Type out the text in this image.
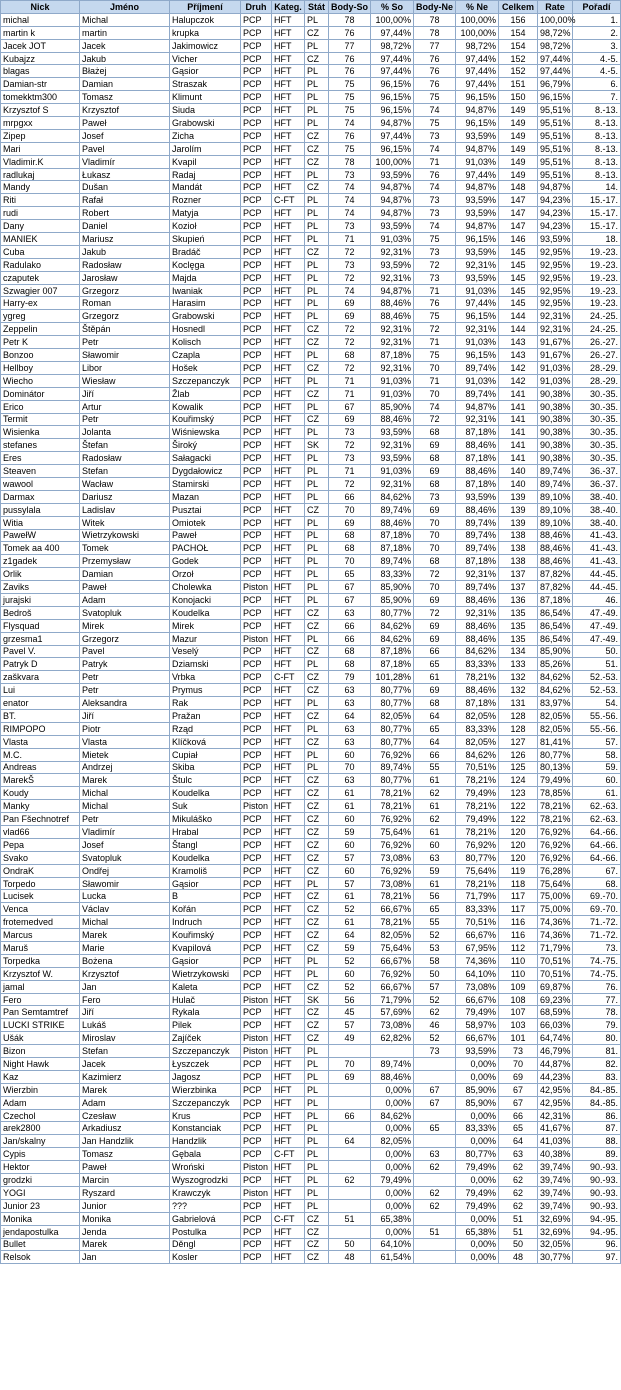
Nick	Jméno	Příjmení	Druh	Kateg.	Stát	Body-So	% So	Body-Ne	% Ne	Celkem	Rate	Pořadí
michal	Michal	Halupczok	PCP	HFT	PL	78	100,00%	78	100,00%	156	100,00%	1.
martin k	martin	krupka	PCP	HFT	CZ	76	97,44%	78	100,00%	154	98,72%	2.
Jacek JOT	Jacek	Jakimowicz	PCP	HFT	PL	77	98,72%	77	98,72%	154	98,72%	3.
Kubajzz	Jakub	Vicher	PCP	HFT	CZ	76	97,44%	76	97,44%	152	97,44%	4.-5.
blagas	Błażej	Gąsior	PCP	HFT	PL	76	97,44%	76	97,44%	152	97,44%	4.-5.
Damian-str	Damian	Straszak	PCP	HFT	PL	75	96,15%	76	97,44%	151	96,79%	6.
tomekktm300	Tomasz	Klimunt	PCP	HFT	PL	75	96,15%	75	96,15%	150	96,15%	7.
Krzysztof S	Krzysztof	Siuda	PCP	HFT	PL	75	96,15%	74	94,87%	149	95,51%	8.-13.
mrpgxx	Paweł	Grabowski	PCP	HFT	PL	74	94,87%	75	96,15%	149	95,51%	8.-13.
Zipep	Josef	Zicha	PCP	HFT	CZ	76	97,44%	73	93,59%	149	95,51%	8.-13.
Mari	Pavel	Jarolím	PCP	HFT	CZ	75	96,15%	74	94,87%	149	95,51%	8.-13.
Vladimir.K	Vladimír	Kvapil	PCP	HFT	CZ	78	100,00%	71	91,03%	149	95,51%	8.-13.
radlukaj	Łukasz	Radaj	PCP	HFT	PL	73	93,59%	76	97,44%	149	95,51%	8.-13.
Mandy	Dušan	Mandát	PCP	HFT	CZ	74	94,87%	74	94,87%	148	94,87%	14.
Riti	Rafał	Rozner	PCP	C-FT	PL	74	94,87%	73	93,59%	147	94,23%	15.-17.
rudi	Robert	Matyja	PCP	HFT	PL	74	94,87%	73	93,59%	147	94,23%	15.-17.
Dany	Daniel	Kozioł	PCP	HFT	PL	73	93,59%	74	94,87%	147	94,23%	15.-17.
MANIEK	Mariusz	Skupień	PCP	HFT	PL	71	91,03%	75	96,15%	146	93,59%	18.
Cuba	Jakub	Bradáč	PCP	HFT	CZ	72	92,31%	73	93,59%	145	92,95%	19.-23.
Radulako	Radosław	Koclęga	PCP	HFT	PL	73	93,59%	72	92,31%	145	92,95%	19.-23.
czaputek	Jarosław	Majda	PCP	HFT	PL	72	92,31%	73	93,59%	145	92,95%	19.-23.
Szwagier 007	Grzegorz	Iwaniak	PCP	HFT	PL	74	94,87%	71	91,03%	145	92,95%	19.-23.
Harry-ex	Roman	Harasim	PCP	HFT	PL	69	88,46%	76	97,44%	145	92,95%	19.-23.
ygreg	Grzegorz	Grabowski	PCP	HFT	PL	69	88,46%	75	96,15%	144	92,31%	24.-25.
Zeppelin	Štěpán	Hosnedl	PCP	HFT	CZ	72	92,31%	72	92,31%	144	92,31%	24.-25.
Petr K	Petr	Kolisch	PCP	HFT	CZ	72	92,31%	71	91,03%	143	91,67%	26.-27.
Bonzoo	Sławomir	Czapla	PCP	HFT	PL	68	87,18%	75	96,15%	143	91,67%	26.-27.
Hellboy	Libor	Hošek	PCP	HFT	CZ	72	92,31%	70	89,74%	142	91,03%	28.-29.
Wiecho	Wiesław	Szczepanczyk	PCP	HFT	PL	71	91,03%	71	91,03%	142	91,03%	28.-29.
Dominátor	Jiří	Žlab	PCP	HFT	CZ	71	91,03%	70	89,74%	141	90,38%	30.-35.
Erico	Artur	Kowalik	PCP	HFT	PL	67	85,90%	74	94,87%	141	90,38%	30.-35.
Termit	Petr	Kouřimský	PCP	HFT	CZ	69	88,46%	72	92,31%	141	90,38%	30.-35.
Wisienka	Jolanta	Wiśniewska	PCP	HFT	PL	73	93,59%	68	87,18%	141	90,38%	30.-35.
stefanes	Štefan	Široký	PCP	HFT	SK	72	92,31%	69	88,46%	141	90,38%	30.-35.
Eres	Radosław	Sałagacki	PCP	HFT	PL	73	93,59%	68	87,18%	141	90,38%	30.-35.
Steaven	Stefan	Dygdałowicz	PCP	HFT	PL	71	91,03%	69	88,46%	140	89,74%	36.-37.
wawool	Wacław	Stamirski	PCP	HFT	PL	72	92,31%	68	87,18%	140	89,74%	36.-37.
Darmax	Dariusz	Mazan	PCP	HFT	PL	66	84,62%	73	93,59%	139	89,10%	38.-40.
pussylala	Ladislav	Pusztai	PCP	HFT	CZ	70	89,74%	69	88,46%	139	89,10%	38.-40.
Witia	Witek	Omiotek	PCP	HFT	PL	69	88,46%	70	89,74%	139	89,10%	38.-40.
PawełW	Wietrzykowski	Paweł	PCP	HFT	PL	68	87,18%	70	89,74%	138	88,46%	41.-43.
Tomek aa 400	Tomek	PACHOŁ	PCP	HFT	PL	68	87,18%	70	89,74%	138	88,46%	41.-43.
z1gadek	Przemysław	Godek	PCP	HFT	PL	70	89,74%	68	87,18%	138	88,46%	41.-43.
Orlik	Damian	Orzoł	PCP	HFT	PL	65	83,33%	72	92,31%	137	87,82%	44.-45.
Zaviks	Paweł	Cholewka	Piston	HFT	PL	67	85,90%	70	89,74%	137	87,82%	44.-45.
jurajski	Adam	Konojacki	PCP	HFT	PL	67	85,90%	69	88,46%	136	87,18%	46.
Bedroš	Svatopluk	Koudelka	PCP	HFT	CZ	63	80,77%	72	92,31%	135	86,54%	47.-49.
Flysquad	Mirek	Mirek	PCP	HFT	CZ	66	84,62%	69	88,46%	135	86,54%	47.-49.
grzesma1	Grzegorz	Mazur	Piston	HFT	PL	66	84,62%	69	88,46%	135	86,54%	47.-49.
Pavel V.	Pavel	Veselý	PCP	HFT	CZ	68	87,18%	66	84,62%	134	85,90%	50.
Patryk D	Patryk	Dziamski	PCP	HFT	PL	68	87,18%	65	83,33%	133	85,26%	51.
zaškvara	Petr	Vrbka	PCP	C-FT	CZ	79	101,28%	61	78,21%	132	84,62%	52.-53.
Lui	Petr	Prymus	PCP	HFT	CZ	63	80,77%	69	88,46%	132	84,62%	52.-53.
enator	Aleksandra	Rak	PCP	HFT	PL	63	80,77%	68	87,18%	131	83,97%	54.
BT.	Jiří	Pražan	PCP	HFT	CZ	64	82,05%	64	82,05%	128	82,05%	55.-56.
RIMPOPO	Piotr	Rząd	PCP	HFT	PL	63	80,77%	65	83,33%	128	82,05%	55.-56.
Vlasta	Vlasta	Klíčková	PCP	HFT	CZ	63	80,77%	64	82,05%	127	81,41%	57.
M.C.	Mietek	Cupiał	PCP	HFT	PL	60	76,92%	66	84,62%	126	80,77%	58.
Andreas	Andrzej	Skiba	PCP	HFT	PL	70	89,74%	55	70,51%	125	80,13%	59.
MarekŠ	Marek	Štulc	PCP	HFT	CZ	63	80,77%	61	78,21%	124	79,49%	60.
Koudy	Michal	Koudelka	PCP	HFT	CZ	61	78,21%	62	79,49%	123	78,85%	61.
Manky	Michal	Suk	Piston	HFT	CZ	61	78,21%	61	78,21%	122	78,21%	62.-63.
Pan Fšechnotref	Petr	Mikuláško	PCP	HFT	CZ	60	76,92%	62	79,49%	122	78,21%	62.-63.
vlad66	Vladimír	Hrabal	PCP	HFT	CZ	59	75,64%	61	78,21%	120	76,92%	64.-66.
Pepa	Josef	Štangl	PCP	HFT	CZ	60	76,92%	60	76,92%	120	76,92%	64.-66.
Svako	Svatopluk	Koudelka	PCP	HFT	CZ	57	73,08%	63	80,77%	120	76,92%	64.-66.
OndraK	Ondřej	Kramoliš	PCP	HFT	CZ	60	76,92%	59	75,64%	119	76,28%	67.
Torpedo	Sławomir	Gąsior	PCP	HFT	PL	57	73,08%	61	78,21%	118	75,64%	68.
Lucisek	Lucka	B	PCP	HFT	CZ	61	78,21%	56	71,79%	117	75,00%	69.-70.
Venca	Václav	Kořán	PCP	HFT	CZ	52	66,67%	65	83,33%	117	75,00%	69.-70.
frotemedved	Michal	Indruch	PCP	HFT	CZ	61	78,21%	55	70,51%	116	74,36%	71.-72.
Marcus	Marek	Kouřimský	PCP	HFT	CZ	64	82,05%	52	66,67%	116	74,36%	71.-72.
Maruš	Marie	Kvapilová	PCP	HFT	CZ	59	75,64%	53	67,95%	112	71,79%	73.
Torpedka	Bożena	Gąsior	PCP	HFT	PL	52	66,67%	58	74,36%	110	70,51%	74.-75.
Krzysztof W.	Krzysztof	Wietrzykowski	PCP	HFT	PL	60	76,92%	50	64,10%	110	70,51%	74.-75.
jamal	Jan	Kaleta	PCP	HFT	CZ	52	66,67%	57	73,08%	109	69,87%	76.
Fero	Fero	Hulač	Piston	HFT	SK	56	71,79%	52	66,67%	108	69,23%	77.
Pan Semtamtref	Jiří	Rykala	PCP	HFT	CZ	45	57,69%	62	79,49%	107	68,59%	78.
LUCKI STRIKE	Lukáš	Pilek	PCP	HFT	CZ	57	73,08%	46	58,97%	103	66,03%	79.
Ušák	Miroslav	Zajíček	Piston	HFT	CZ	49	62,82%	52	66,67%	101	64,74%	80.
Bizon	Stefan	Szczepanczyk	Piston	HFT	PL			73	93,59%	73	46,79%	81.
Night Hawk	Jacek	Łyszczek	PCP	HFT	PL	70	89,74%		0,00%	70	44,87%	82.
Kaz	Kazimierz	Jagosz	PCP	HFT	PL	69	88,46%		0,00%	69	44,23%	83.
Wierzbin	Marek	Wierzbinka	PCP	HFT	PL		0,00%	67	85,90%	67	42,95%	84.-85.
Adam	Adam	Szczepanczyk	PCP	HFT	PL		0,00%	67	85,90%	67	42,95%	84.-85.
Czechol	Czesław	Krus	PCP	HFT	PL	66	84,62%		0,00%	66	42,31%	86.
arek2800	Arkadiusz	Konstanciak	PCP	HFT	PL		0,00%	65	83,33%	65	41,67%	87.
Jan/skalny	Jan Handzlik	Handzlik	PCP	HFT	PL	64	82,05%		0,00%	64	41,03%	88.
Cypis	Tomasz	Gębala	PCP	C-FT	PL		0,00%	63	80,77%	63	40,38%	89.
Hektor	Paweł	Wroński	Piston	HFT	PL		0,00%	62	79,49%	62	39,74%	90.-93.
grodzki	Marcin	Wyszogrodzki	PCP	HFT	PL	62	79,49%		0,00%	62	39,74%	90.-93.
YOGI	Ryszard	Krawczyk	Piston	HFT	PL		0,00%	62	79,49%	62	39,74%	90.-93.
Junior 23	Junior	???	PCP	HFT	PL		0,00%	62	79,49%	62	39,74%	90.-93.
Monika	Monika	Gabrielová	PCP	C-FT	CZ	51	65,38%		0,00%	51	32,69%	94.-95.
jendapostulka	Jenda	Postulka	PCP	HFT	CZ		0,00%	51	65,38%	51	32,69%	94.-95.
Bullet	Marek	Děngl	PCP	HFT	CZ	50	64,10%		0,00%	50	32,05%	96.
Relsok	Jan	Kosler	PCP	HFT	CZ	48	61,54%		0,00%	48	30,77%	97.
